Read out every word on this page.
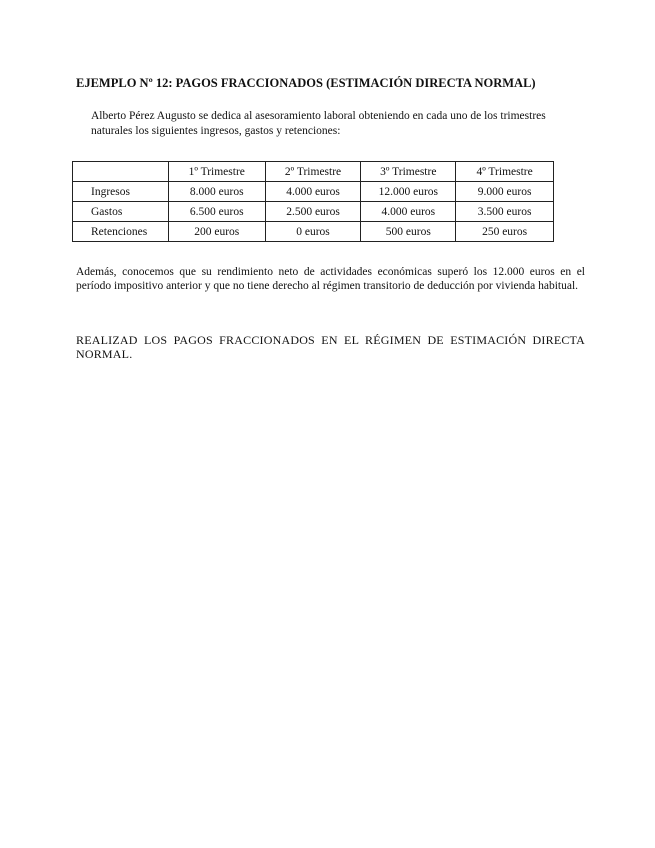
EJEMPLO Nº 12: PAGOS FRACCIONADOS (ESTIMACIÓN DIRECTA NORMAL)
Alberto Pérez Augusto se dedica al asesoramiento laboral obteniendo en cada uno de los trimestres
naturales los siguientes ingresos, gastos y retenciones:
	1º Trimestre	2º Trimestre	3º Trimestre	4º Trimestre
Ingresos	8.000 euros	4.000 euros	12.000 euros	9.000 euros
Gastos	6.500 euros	2.500 euros	4.000 euros	3.500 euros
Retenciones	200 euros	0 euros	500 euros	250 euros
Además, conocemos que su rendimiento neto de actividades económicas superó los 12.000 euros en el período impositivo anterior y que no tiene derecho al régimen transitorio de deducción por vivienda habitual.
REALIZAD LOS PAGOS FRACCIONADOS EN EL RÉGIMEN DE ESTIMACIÓN DIRECTA NORMAL.
